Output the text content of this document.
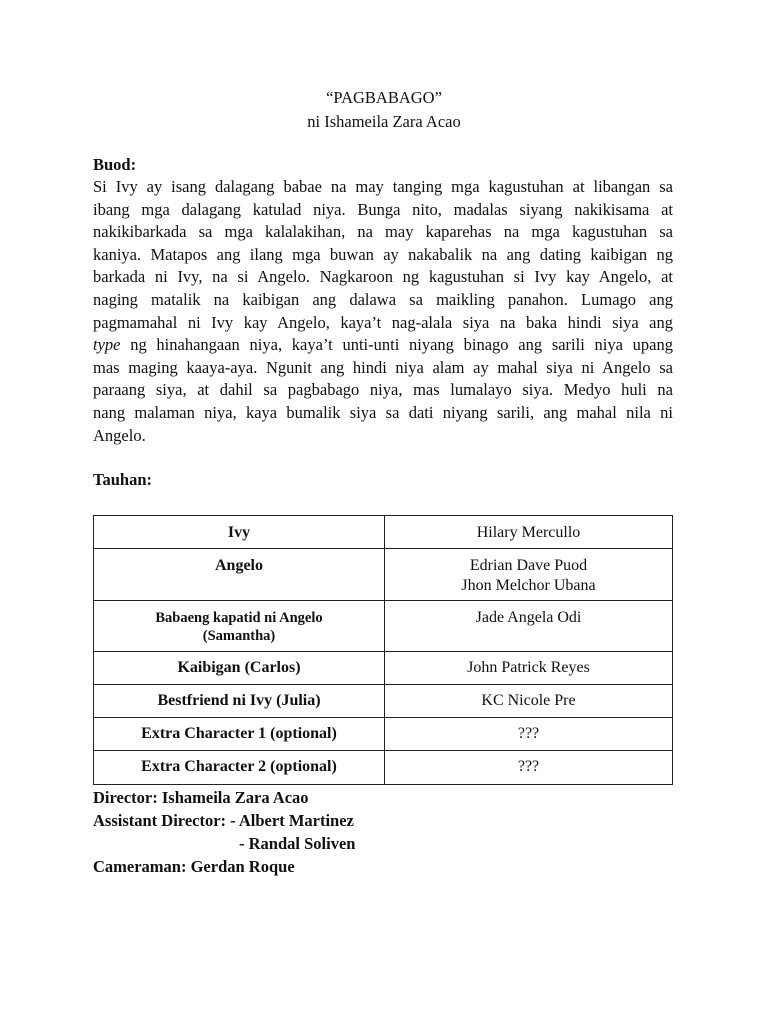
“PAGBABAGO”
ni Ishameila Zara Acao
Buod:
Si Ivy ay isang dalagang babae na may tanging mga kagustuhan at libangan sa
ibang mga dalagang katulad niya. Bunga nito, madalas siyang nakikisama at
nakikibarkada sa mga kalalakihan, na may kaparehas na mga kagustuhan sa
kaniya. Matapos ang ilang mga buwan ay nakabalik na ang dating kaibigan ng
barkada ni Ivy, na si Angelo. Nagkaroon ng kagustuhan si Ivy kay Angelo, at
naging matalik na kaibigan ang dalawa sa maikling panahon. Lumago ang
pagmamahal ni Ivy kay Angelo, kaya’t nag-alala siya na baka hindi siya ang
type ng hinahangaan niya, kaya’t unti-unti niyang binago ang sarili niya upang
mas maging kaaya-aya. Ngunit ang hindi niya alam ay mahal siya ni Angelo sa
paraang siya, at dahil sa pagbabago niya, mas lumalayo siya. Medyo huli na
nang malaman niya, kaya bumalik siya sa dati niyang sarili, ang mahal nila ni
Angelo.
Tauhan:
Ivy	Hilary Mercullo
Angelo	Edrian Dave Puod
Jhon Melchor Ubana

Babaeng kapatid ni Angelo
(Samantha)	Jade Angela Odi
Kaibigan (Carlos)	John Patrick Reyes
Bestfriend ni Ivy (Julia)	KC Nicole Pre
Extra Character 1 (optional)	???
Extra Character 2 (optional)	???
Director: Ishameila Zara Acao
Assistant Director: - Albert Martinez
- Randal Soliven
Cameraman: Gerdan Roque
